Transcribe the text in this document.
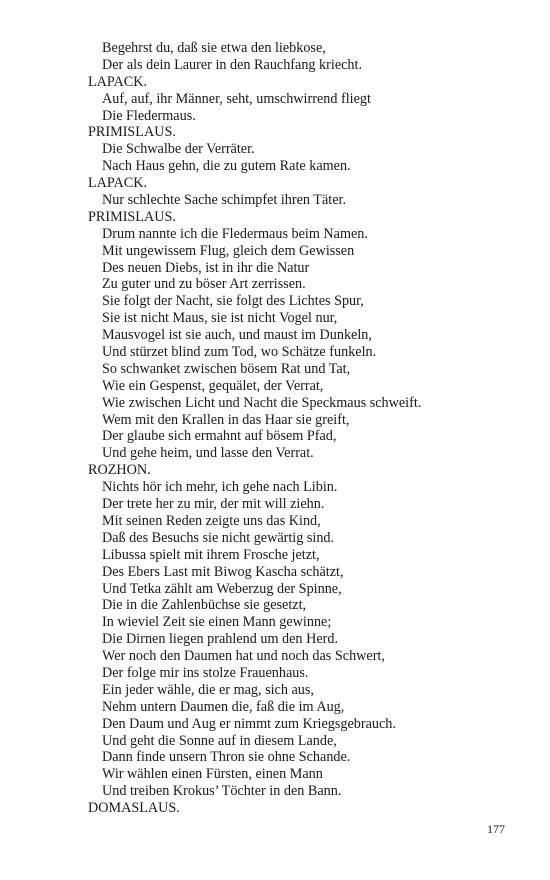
Begehrst du, daß sie etwa den liebkose,
Der als dein Laurer in den Rauchfang kriecht.
LAPACK.
Auf, auf, ihr Männer, seht, umschwirrend fliegt
Die Fledermaus.
PRIMISLAUS.
Die Schwalbe der Verräter.
Nach Haus gehn, die zu gutem Rate kamen.
LAPACK.
Nur schlechte Sache schimpfet ihren Täter.
PRIMISLAUS.
Drum nannte ich die Fledermaus beim Namen.
Mit ungewissem Flug, gleich dem Gewissen
Des neuen Diebs, ist in ihr die Natur
Zu guter und zu böser Art zerrissen.
Sie folgt der Nacht, sie folgt des Lichtes Spur,
Sie ist nicht Maus, sie ist nicht Vogel nur,
Mausvogel ist sie auch, und maust im Dunkeln,
Und stürzet blind zum Tod, wo Schätze funkeln.
So schwanket zwischen bösem Rat und Tat,
Wie ein Gespenst, gequälet, der Verrat,
Wie zwischen Licht und Nacht die Speckmaus schweift.
Wem mit den Krallen in das Haar sie greift,
Der glaube sich ermahnt auf bösem Pfad,
Und gehe heim, und lasse den Verrat.
ROZHON.
Nichts hör ich mehr, ich gehe nach Libin.
Der trete her zu mir, der mit will ziehn.
Mit seinen Reden zeigte uns das Kind,
Daß des Besuchs sie nicht gewärtig sind.
Libussa spielt mit ihrem Frosche jetzt,
Des Ebers Last mit Biwog Kascha schätzt,
Und Tetka zählt am Weberzug der Spinne,
Die in die Zahlenbüchse sie gesetzt,
In wieviel Zeit sie einen Mann gewinne;
Die Dirnen liegen prahlend um den Herd.
Wer noch den Daumen hat und noch das Schwert,
Der folge mir ins stolze Frauenhaus.
Ein jeder wähle, die er mag, sich aus,
Nehm untern Daumen die, faß die im Aug,
Den Daum und Aug er nimmt zum Kriegsgebrauch.
Und geht die Sonne auf in diesem Lande,
Dann finde unsern Thron sie ohne Schande.
Wir wählen einen Fürsten, einen Mann
Und treiben Krokus’ Töchter in den Bann.
DOMASLAUS.
177
